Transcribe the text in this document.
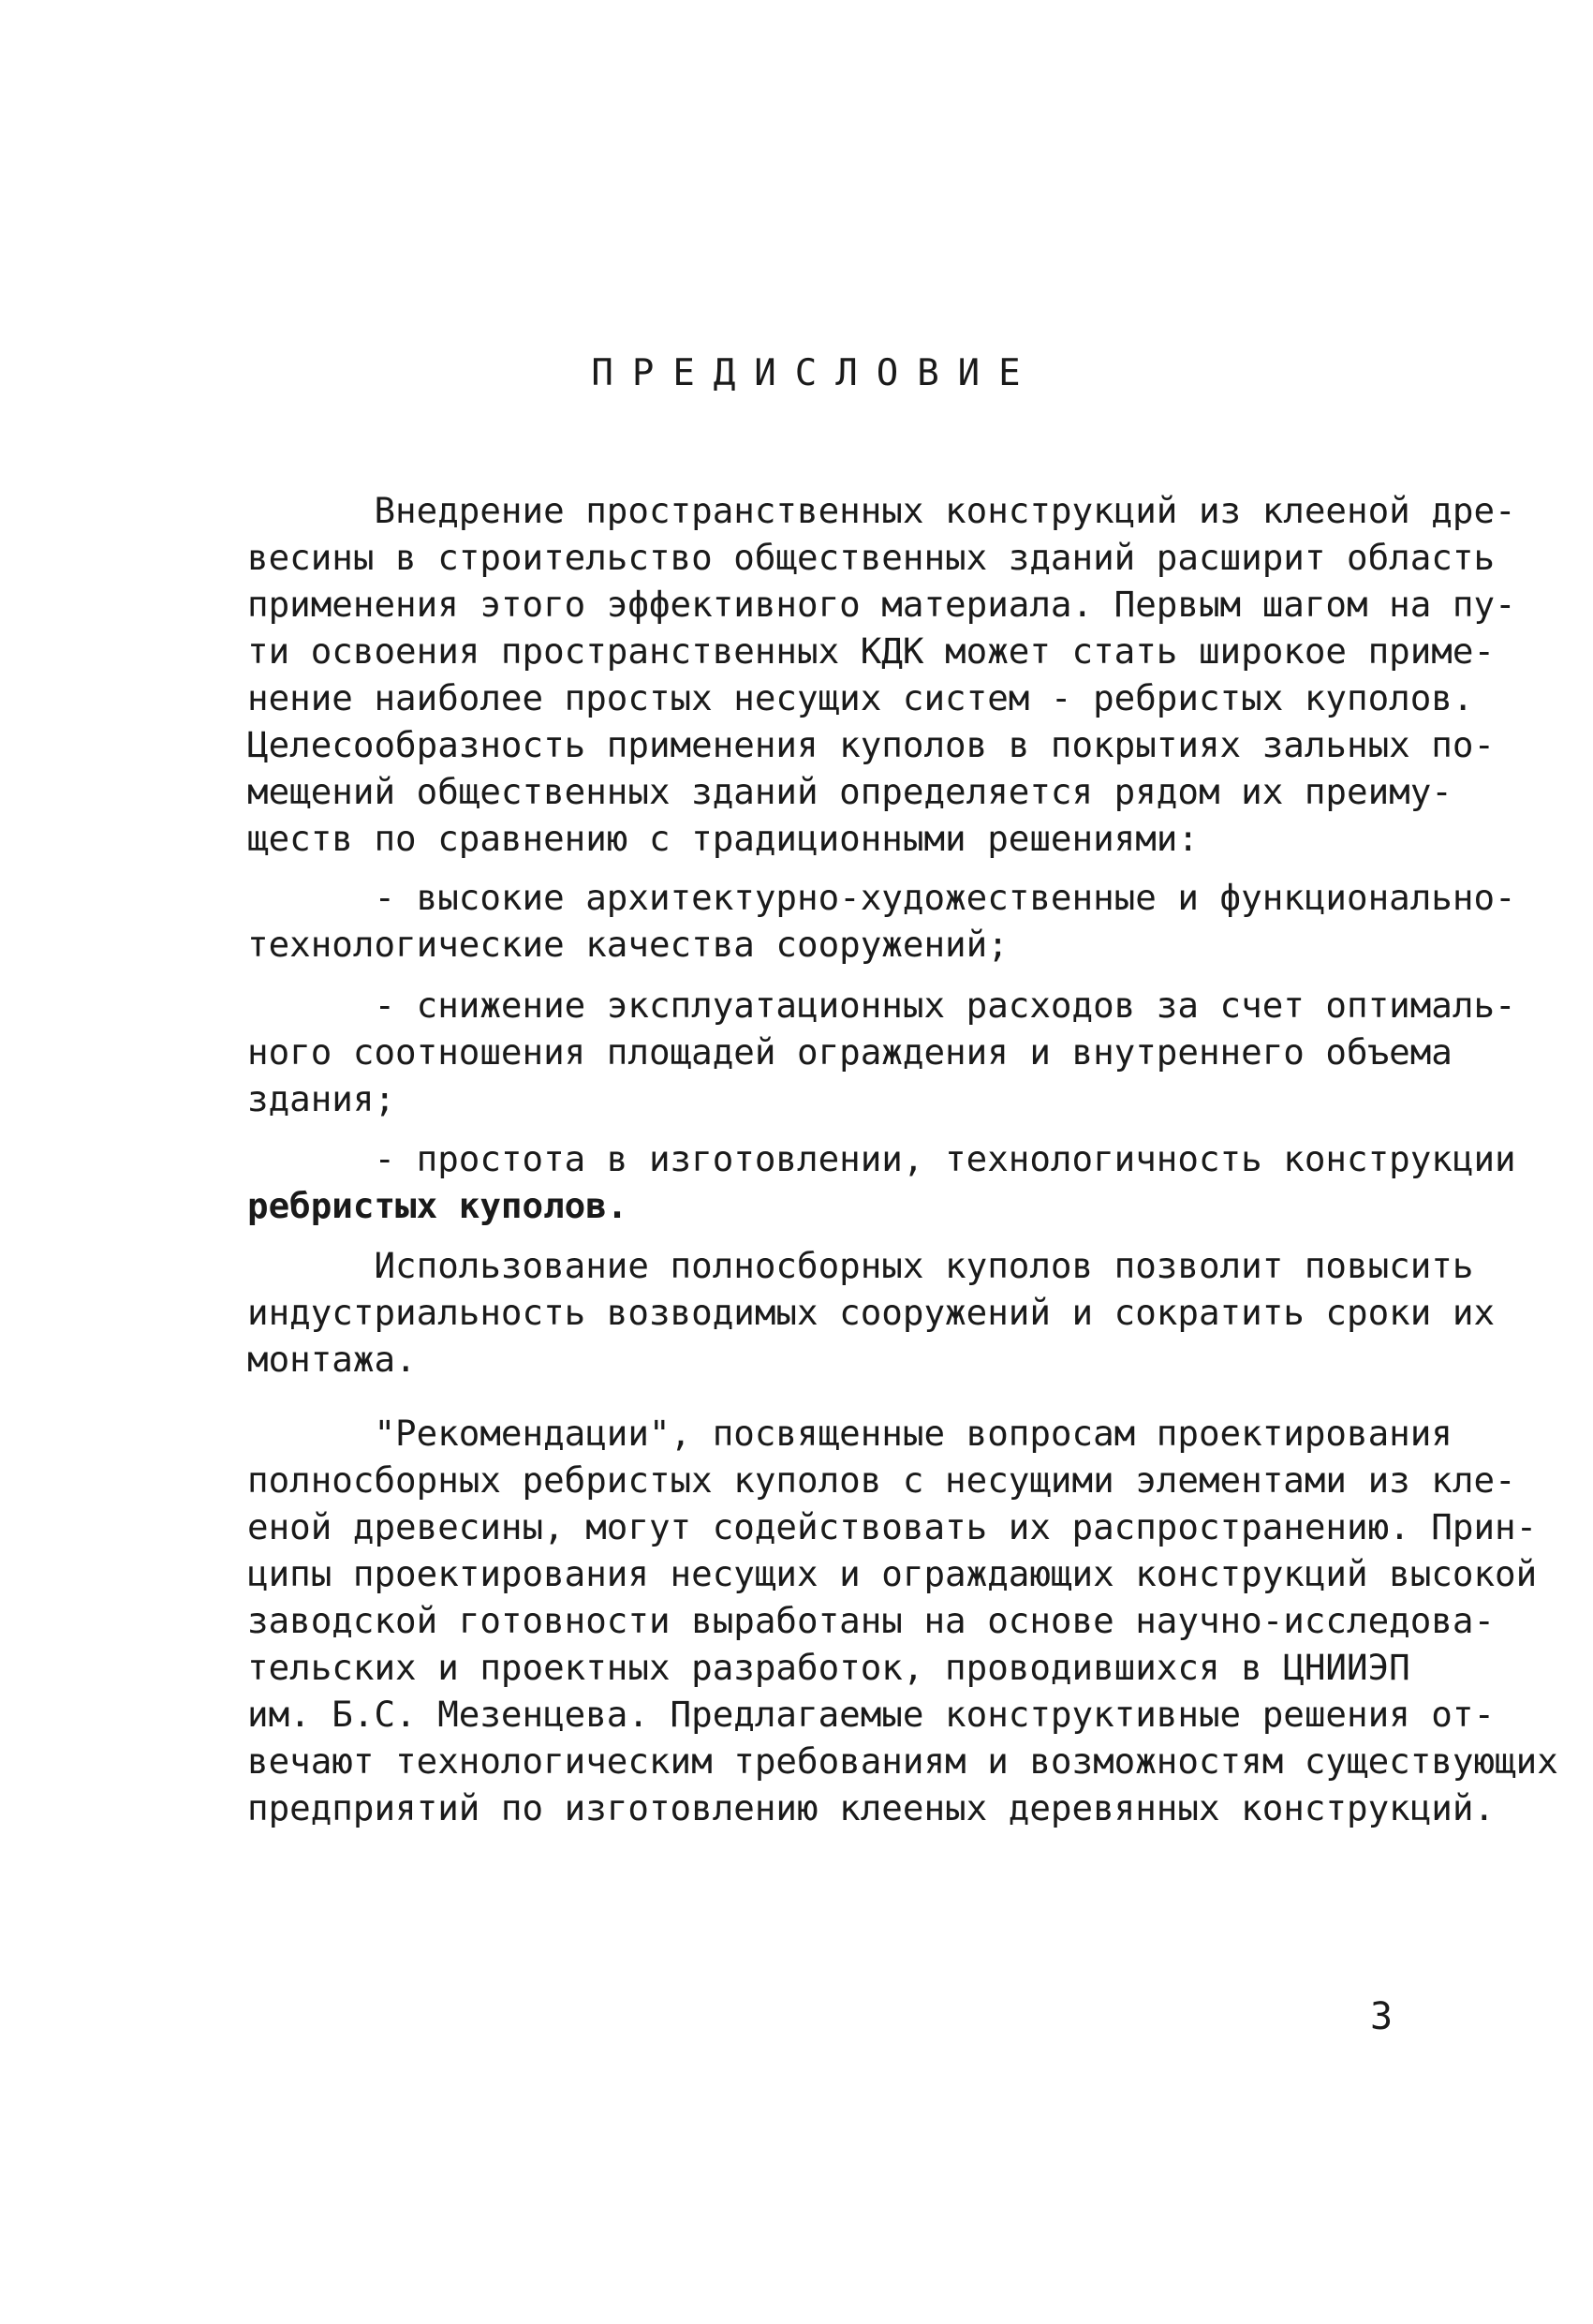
ПРЕДИСЛОВИЕ
Внедрение пространственных конструкций из клееной дре-
весины в строительство общественных зданий расширит область
применения этого эффективного материала. Первым шагом на пу-
ти освоения пространственных КДК может стать широкое приме-
нение наиболее простых несущих систем - ребристых куполов.
Целесообразность применения куполов в покрытиях зальных по-
мещений общественных зданий определяется рядом их преиму-
ществ по сравнению с традиционными решениями:
- высокие архитектурно-художественные и функционально-
технологические качества сооружений;
- снижение эксплуатационных расходов за счет оптималь-
ного соотношения площадей ограждения и внутреннего объема
здания;
- простота в изготовлении, технологичность конструкции
ребристых куполов.
Использование полносборных куполов позволит повысить
индустриальность возводимых сооружений и сократить сроки их
монтажа.
"Рекомендации", посвященные вопросам проектирования
полносборных ребристых куполов с несущими элементами из кле-
еной древесины, могут содействовать их распространению. Прин-
ципы проектирования несущих и ограждающих конструкций высокой
заводской готовности выработаны на основе научно-исследова-
тельских и проектных разработок, проводившихся в ЦНИИЭП
им. Б.С. Мезенцева. Предлагаемые конструктивные решения от-
вечают технологическим требованиям и возможностям существующих
предприятий по изготовлению клееных деревянных конструкций.
3
